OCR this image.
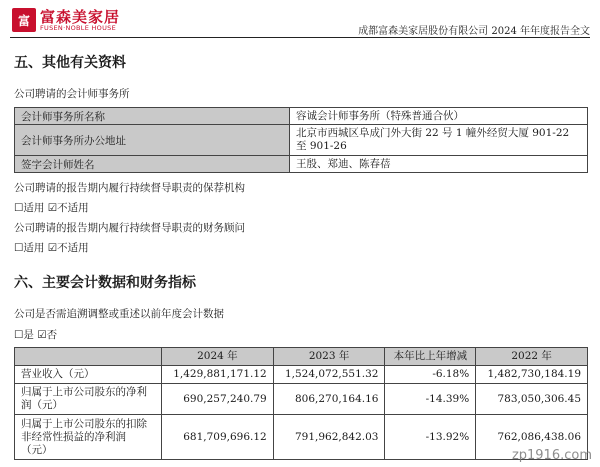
富 富森美家居
FUSEN·NOBLE HOUSE	成都富森美家居股份有限公司 2024 年年度报告全文
五、其他有关资料
公司聘请的会计师事务所
会计师事务所名称	容诚会计师事务所（特殊普通合伙）
会计师事务所办公地址	北京市西城区阜成门外大街 22 号 1 幢外经贸大厦 901-22
至 901-26

签字会计师姓名	王殷、郑迪、陈春蓓
公司聘请的报告期内履行持续督导职责的保荐机构
☐适用 ☑不适用
公司聘请的报告期内履行持续督导职责的财务顾问
☐适用 ☑不适用
六、主要会计数据和财务指标
公司是否需追溯调整或重述以前年度会计数据
☐是 ☑否
	2024 年	2023 年	本年比上年增减	2022 年
营业收入（元）	1,429,881,171.12	1,524,072,551.32	-6.18%	1,482,730,184.19

归属于上市公司股东的净利
润（元）	690,257,240.79	806,270,164.16	-14.39%	783,050,306.45

归属于上市公司股东的扣除
非经常性损益的净利润
（元）	681,709,696.12	791,962,842.03	-13.92%	762,086,438.06
zp1916.com
